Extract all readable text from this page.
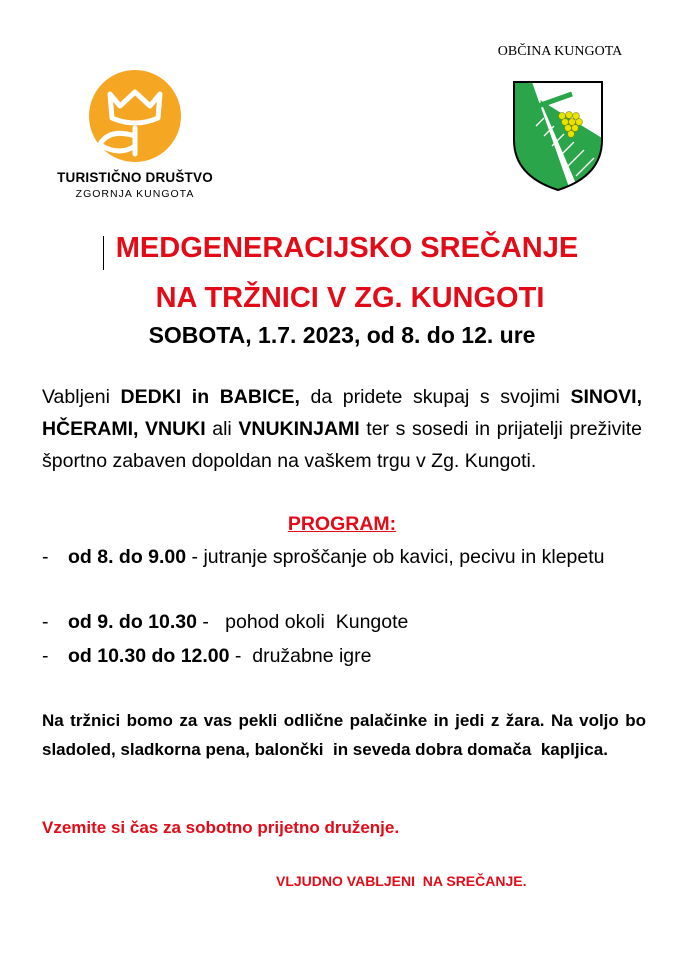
TURISTIČNO DRUŠTVO
ZGORNJA KUNGOTA
OBČINA KUNGOTA
MEDGENERACIJSKO SREČANJE
NA TRŽNICI V ZG. KUNGOTI
SOBOTA, 1.7. 2023, od 8. do 12. ure
Vabljeni DEDKI in BABICE, da pridete skupaj s svojimi SINOVI, HČERAMI, VNUKI ali VNUKINJAMI ter s sosedi in prijatelji preživite športno zabaven dopoldan na vaškem trgu v Zg. Kungoti.
PROGRAM:
- od 8. do 9.00 - jutranje sproščanje ob kavici, pecivu in klepetu
- od 9. do 10.30 -   pohod okoli  Kungote
- od 10.30 do 12.00 -  družabne igre
Na tržnici bomo za vas pekli odlične palačinke in jedi z žara. Na voljo bo sladoled, sladkorna pena, balončki  in seveda dobra domača  kapljica.
Vzemite si čas za sobotno prijetno druženje.
VLJUDNO VABLJENI  NA SREČANJE.
